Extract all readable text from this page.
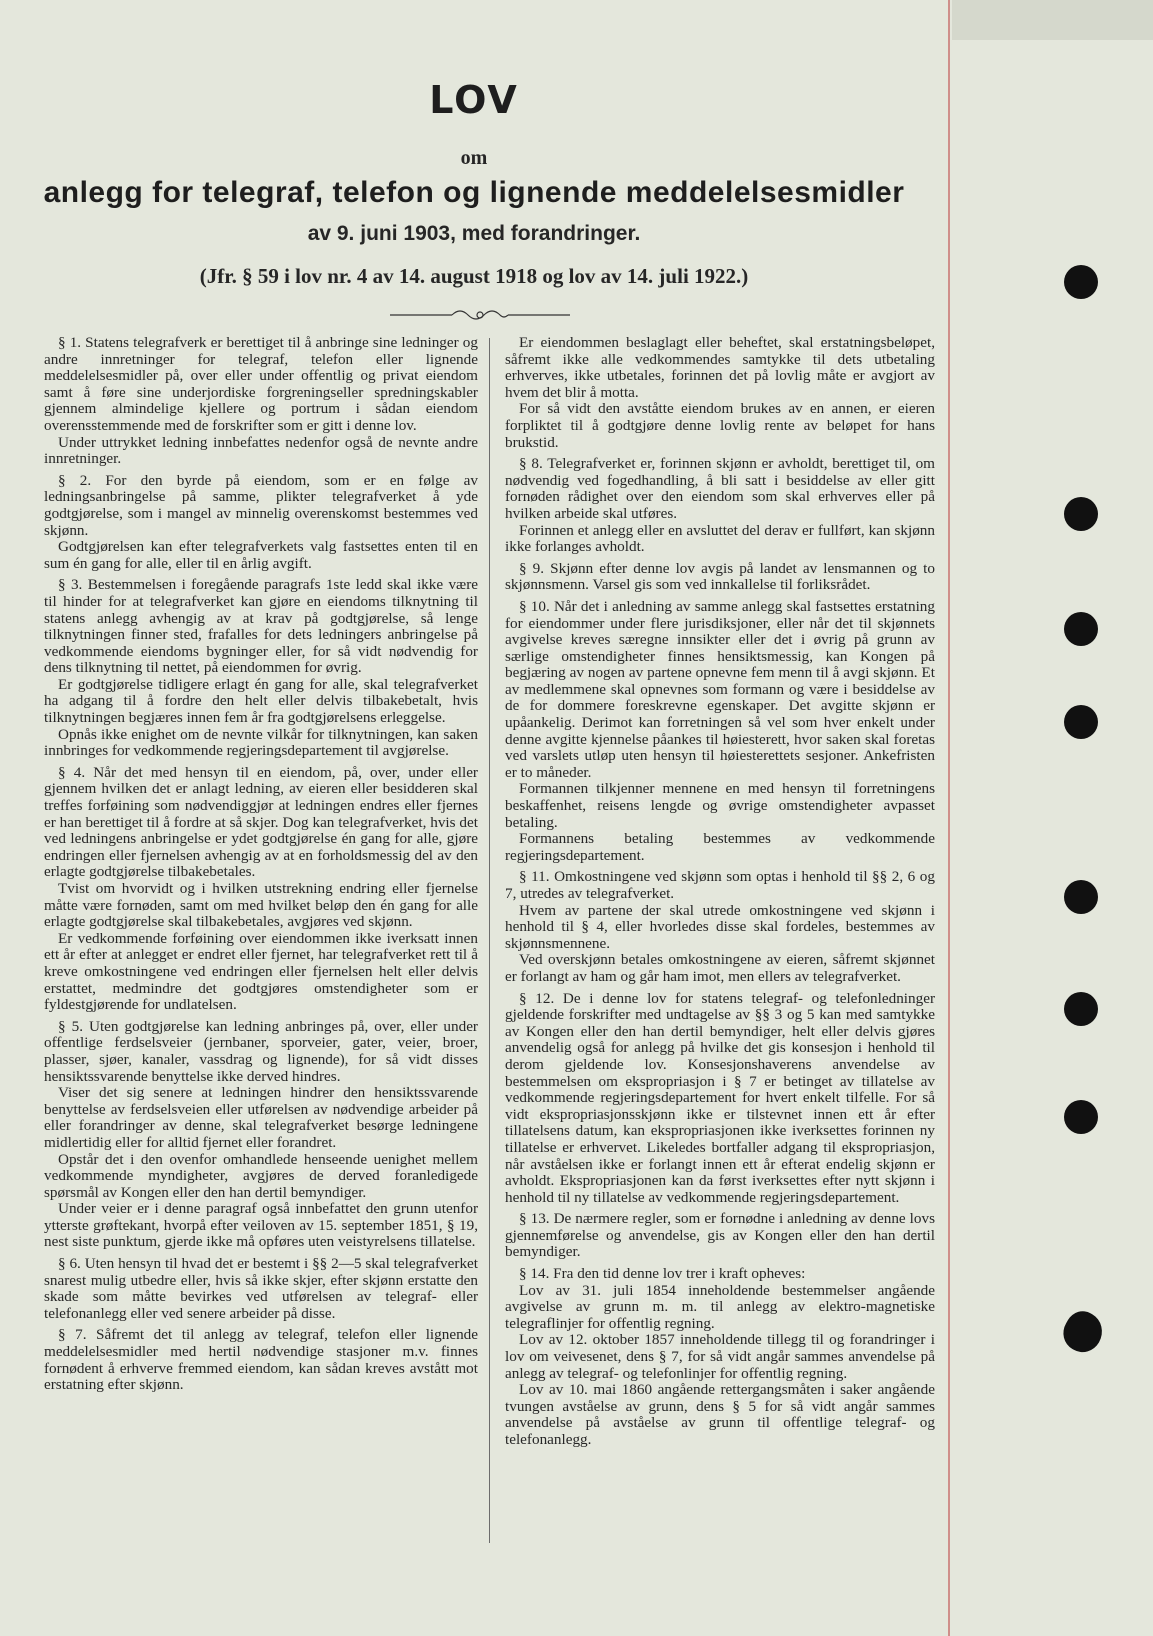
LOV
om
anlegg for telegraf, telefon og lignende meddelelsesmidler
av 9. juni 1903, med forandringer.
(Jfr. § 59 i lov nr. 4 av 14. august 1918 og lov av 14. juli 1922.)

§ 1. Statens telegrafverk er berettiget til å anbringe sine ledninger og andre innretninger for telegraf, telefon eller lignende meddelelsesmidler på, over eller under offentlig og privat eiendom samt å føre sine underjordiske forgreningseller spredningskabler gjennem almindelige kjellere og portrum i sådan eiendom overensstemmende med de forskrifter som er gitt i denne lov.

Under uttrykket ledning innbefattes nedenfor også de nevnte andre innretninger.

§ 2. For den byrde på eiendom, som er en følge av ledningsanbringelse på samme, plikter telegrafverket å yde godtgjørelse, som i mangel av minnelig overenskomst bestemmes ved skjønn.

Godtgjørelsen kan efter telegrafverkets valg fastsettes enten til en sum én gang for alle, eller til en årlig avgift.

§ 3. Bestemmelsen i foregående paragrafs 1ste ledd skal ikke være til hinder for at telegrafverket kan gjøre en eiendoms tilknytning til statens anlegg avhengig av at krav på godtgjørelse, så lenge tilknytningen finner sted, frafalles for dets ledningers anbringelse på vedkommende eiendoms bygninger eller, for så vidt nødvendig for dens tilknytning til nettet, på eiendommen for øvrig.

Er godtgjørelse tidligere erlagt én gang for alle, skal telegrafverket ha adgang til å fordre den helt eller delvis tilbakebetalt, hvis tilknytningen begjæres innen fem år fra godtgjørelsens erleggelse.

Opnås ikke enighet om de nevnte vilkår for tilknytningen, kan saken innbringes for vedkommende regjeringsdepartement til avgjørelse.

§ 4. Når det med hensyn til en eiendom, på, over, under eller gjennem hvilken det er anlagt ledning, av eieren eller besidderen skal treffes forføining som nødvendiggjør at ledningen endres eller fjernes er han berettiget til å fordre at så skjer. Dog kan telegrafverket, hvis det ved ledningens anbringelse er ydet godtgjørelse én gang for alle, gjøre endringen eller fjernelsen avhengig av at en forholdsmessig del av den erlagte godtgjørelse tilbakebetales.

Tvist om hvorvidt og i hvilken utstrekning endring eller fjernelse måtte være fornøden, samt om med hvilket beløp den én gang for alle erlagte godtgjørelse skal tilbakebetales, avgjøres ved skjønn.

Er vedkommende forføining over eiendommen ikke iverksatt innen ett år efter at anlegget er endret eller fjernet, har telegrafverket rett til å kreve omkostningene ved endringen eller fjernelsen helt eller delvis erstattet, medmindre det godtgjøres omstendigheter som er fyldestgjørende for undlatelsen.

§ 5. Uten godtgjørelse kan ledning anbringes på, over, eller under offentlige ferdselsveier (jernbaner, sporveier, gater, veier, broer, plasser, sjøer, kanaler, vassdrag og lignende), for så vidt disses hensiktssvarende benyttelse ikke derved hindres.

Viser det sig senere at ledningen hindrer den hensiktssvarende benyttelse av ferdselsveien eller utførelsen av nødvendige arbeider på eller forandringer av denne, skal telegrafverket besørge ledningene midlertidig eller for alltid fjernet eller forandret.

Opstår det i den ovenfor omhandlede henseende uenighet mellem vedkommende myndigheter, avgjøres de derved foranledigede spørsmål av Kongen eller den han dertil bemyndiger.

Under veier er i denne paragraf også innbefattet den grunn utenfor ytterste grøftekant, hvorpå efter veiloven av 15. september 1851, § 19, nest siste punktum, gjerde ikke må opføres uten veistyrelsens tillatelse.

§ 6. Uten hensyn til hvad det er bestemt i §§ 2—5 skal telegrafverket snarest mulig utbedre eller, hvis så ikke skjer, efter skjønn erstatte den skade som måtte bevirkes ved utførelsen av telegraf- eller telefonanlegg eller ved senere arbeider på disse.

§ 7. Såfremt det til anlegg av telegraf, telefon eller lignende meddelelsesmidler med hertil nødvendige stasjoner m.v. finnes fornødent å erhverve fremmed eiendom, kan sådan kreves avstått mot erstatning efter skjønn.

Er eiendommen beslaglagt eller beheftet, skal erstatningsbeløpet, såfremt ikke alle vedkommendes samtykke til dets utbetaling erhverves, ikke utbetales, forinnen det på lovlig måte er avgjort av hvem det blir å motta.

For så vidt den avståtte eiendom brukes av en annen, er eieren forpliktet til å godtgjøre denne lovlig rente av beløpet for hans brukstid.

§ 8. Telegrafverket er, forinnen skjønn er avholdt, berettiget til, om nødvendig ved fogedhandling, å bli satt i besiddelse av eller gitt fornøden rådighet over den eiendom som skal erhverves eller på hvilken arbeide skal utføres.

Forinnen et anlegg eller en avsluttet del derav er fullført, kan skjønn ikke forlanges avholdt.

§ 9. Skjønn efter denne lov avgis på landet av lensmannen og to skjønnsmenn. Varsel gis som ved innkallelse til forliksrådet.

§ 10. Når det i anledning av samme anlegg skal fastsettes erstatning for eiendommer under flere jurisdiksjoner, eller når det til skjønnets avgivelse kreves særegne innsikter eller det i øvrig på grunn av særlige omstendigheter finnes hensiktsmessig, kan Kongen på begjæring av nogen av partene opnevne fem menn til å avgi skjønn. Et av medlemmene skal opnevnes som formann og være i besiddelse av de for dommere foreskrevne egenskaper. Det avgitte skjønn er upåankelig. Derimot kan forretningen så vel som hver enkelt under denne avgitte kjennelse påankes til høiesterett, hvor saken skal foretas ved varslets utløp uten hensyn til høiesterettets sesjoner. Ankefristen er to måneder.

Formannen tilkjenner mennene en med hensyn til forretningens beskaffenhet, reisens lengde og øvrige omstendigheter avpasset betaling.

Formannens betaling bestemmes av vedkommende regjeringsdepartement.

§ 11. Omkostningene ved skjønn som optas i henhold til §§ 2, 6 og 7, utredes av telegrafverket.

Hvem av partene der skal utrede omkostningene ved skjønn i henhold til § 4, eller hvorledes disse skal fordeles, bestemmes av skjønnsmennene.

Ved overskjønn betales omkostningene av eieren, såfremt skjønnet er forlangt av ham og går ham imot, men ellers av telegrafverket.

§ 12. De i denne lov for statens telegraf- og telefonledninger gjeldende forskrifter med undtagelse av §§ 3 og 5 kan med samtykke av Kongen eller den han dertil bemyndiger, helt eller delvis gjøres anvendelig også for anlegg på hvilke det gis konsesjon i henhold til derom gjeldende lov. Konsesjonshaverens anvendelse av bestemmelsen om ekspropriasjon i § 7 er betinget av tillatelse av vedkommende regjeringsdepartement for hvert enkelt tilfelle. For så vidt ekspropriasjonsskjønn ikke er tilstevnet innen ett år efter tillatelsens datum, kan ekspropriasjonen ikke iverksettes forinnen ny tillatelse er erhvervet. Likeledes bortfaller adgang til ekspropriasjon, når avståelsen ikke er forlangt innen ett år efterat endelig skjønn er avholdt. Ekspropriasjonen kan da først iverksettes efter nytt skjønn i henhold til ny tillatelse av vedkommende regjeringsdepartement.

§ 13. De nærmere regler, som er fornødne i anledning av denne lovs gjennemførelse og anvendelse, gis av Kongen eller den han dertil bemyndiger.

§ 14. Fra den tid denne lov trer i kraft opheves:

Lov av 31. juli 1854 inneholdende bestemmelser angående avgivelse av grunn m. m. til anlegg av elektro-magnetiske telegraflinjer for offentlig regning.

Lov av 12. oktober 1857 inneholdende tillegg til og forandringer i lov om veivesenet, dens § 7, for så vidt angår sammes anvendelse på anlegg av telegraf- og telefonlinjer for offentlig regning.

Lov av 10. mai 1860 angående rettergangsmåten i saker angående tvungen avståelse av grunn, dens § 5 for så vidt angår sammes anvendelse på avståelse av grunn til offentlige telegraf- og telefonanlegg.
